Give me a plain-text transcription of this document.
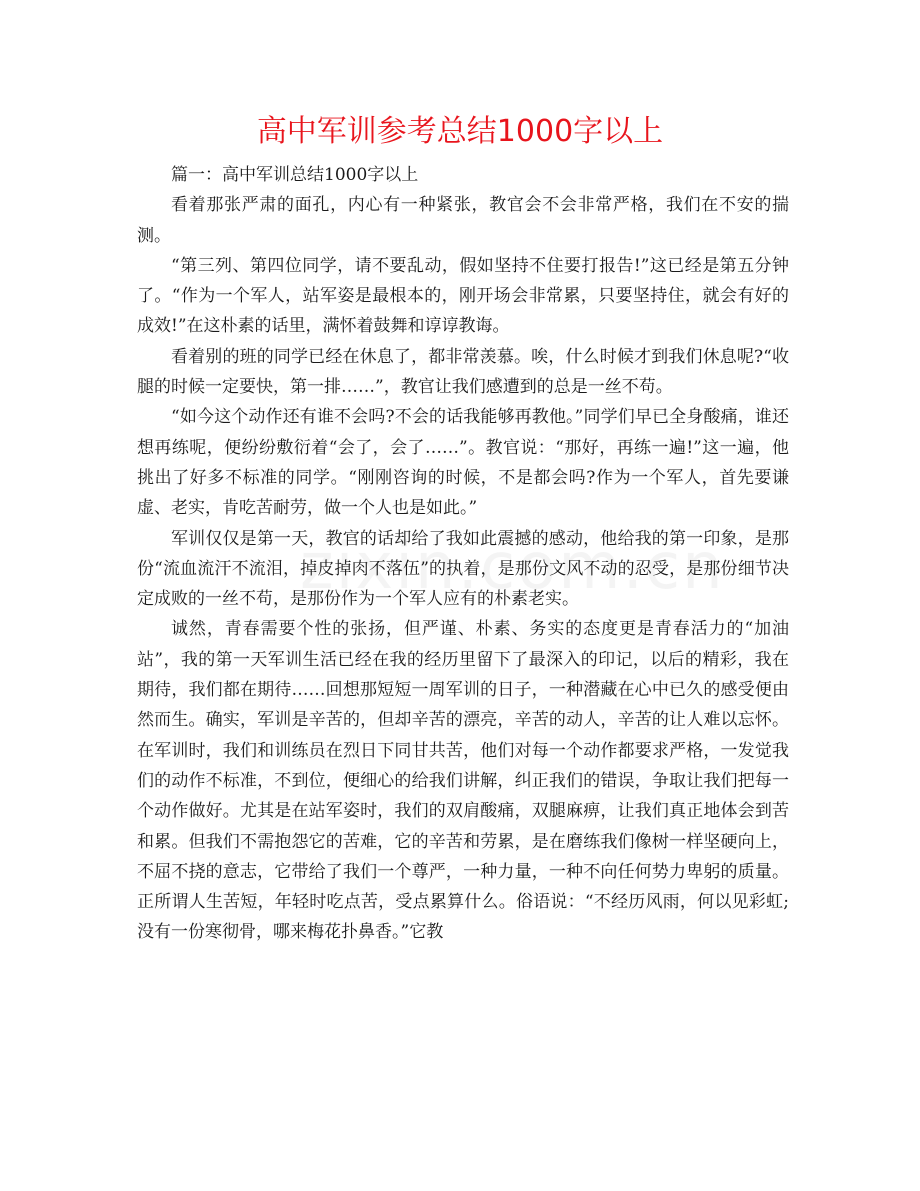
高中军训参考总结1000字以上

篇一：高中军训总结1000字以上

看着那张严肃的面孔，内心有一种紧张，教官会不会非常严格，我们在不安的揣测。

“第三列、第四位同学，请不要乱动，假如坚持不住要打报告!”这已经是第五分钟了。“作为一个军人，站军姿是最根本的，刚开场会非常累，只要坚持住，就会有好的成效!”在这朴素的话里，满怀着鼓舞和谆谆教诲。

看着别的班的同学已经在休息了，都非常羡慕。唉，什么时候才到我们休息呢?“收腿的时候一定要快，第一排……”，教官让我们感遭到的总是一丝不苟。

“如今这个动作还有谁不会吗?不会的话我能够再教他。”同学们早已全身酸痛，谁还想再练呢，便纷纷敷衍着“会了，会了……”。教官说：“那好，再练一遍!”这一遍，他挑出了好多不标准的同学。“刚刚咨询的时候，不是都会吗?作为一个军人，首先要谦虚、老实，肯吃苦耐劳，做一个人也是如此。”

军训仅仅是第一天，教官的话却给了我如此震撼的感动，他给我的第一印象，是那份“流血流汗不流泪，掉皮掉肉不落伍”的执着，是那份文风不动的忍受，是那份细节决定成败的一丝不苟，是那份作为一个军人应有的朴素老实。

诚然，青春需要个性的张扬，但严谨、朴素、务实的态度更是青春活力的“加油站”，我的第一天军训生活已经在我的经历里留下了最深入的印记，以后的精彩，我在期待，我们都在期待……回想那短短一周军训的日子，一种潜藏在心中已久的感受便由然而生。确实，军训是辛苦的，但却辛苦的漂亮，辛苦的动人，辛苦的让人难以忘怀。在军训时，我们和训练员在烈日下同甘共苦，他们对每一个动作都要求严格，一发觉我们的动作不标准，不到位，便细心的给我们讲解，纠正我们的错误，争取让我们把每一个动作做好。尤其是在站军姿时，我们的双肩酸痛，双腿麻痹，让我们真正地体会到苦和累。但我们不需抱怨它的苦难，它的辛苦和劳累，是在磨练我们像树一样坚硬向上，不屈不挠的意志，它带给了我们一个尊严，一种力量，一种不向任何势力卑躬的质量。正所谓人生苦短，年轻时吃点苦，受点累算什么。俗语说：“不经历风雨，何以见彩虹;没有一份寒彻骨，哪来梅花扑鼻香。”它教
